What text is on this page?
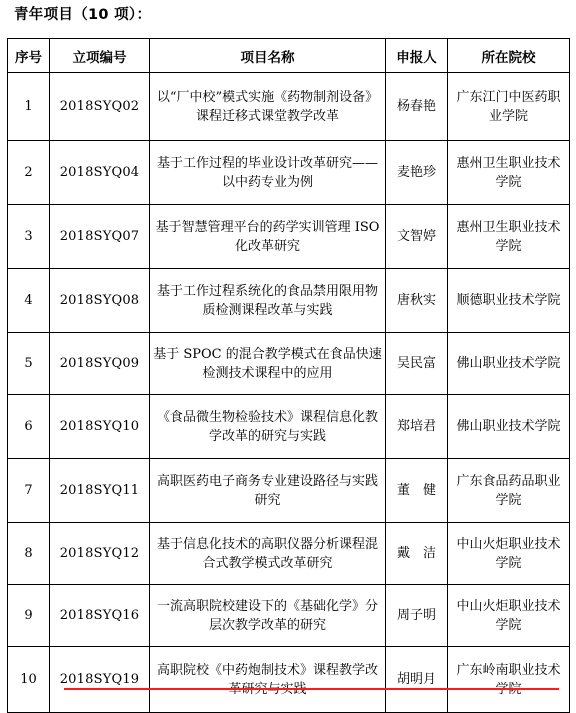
青年项目（10 项）：
序号	立项编号	项目名称	申报人	所在院校
1	2018SYQ02	以“厂中校”模式实施《药物制剂设备》课程迁移式课堂教学改革	杨春艳	广东江门中医药职业学院
2	2018SYQ04	基于工作过程的毕业设计改革研究——以中药专业为例	麦艳珍	惠州卫生职业技术学院
3	2018SYQ07	基于智慧管理平台的药学实训管理 ISO 化改革研究	文智婷	惠州卫生职业技术学院
4	2018SYQ08	基于工作过程系统化的食品禁用限用物质检测课程改革与实践	唐秋实	顺德职业技术学院
5	2018SYQ09	基于 SPOC 的混合教学模式在食品快速检测技术课程中的应用	吴民富	佛山职业技术学院
6	2018SYQ10	《食品微生物检验技术》课程信息化教学改革的研究与实践	郑培君	佛山职业技术学院
7	2018SYQ11	高职医药电子商务专业建设路径与实践研究	董　健	广东食品药品职业学院
8	2018SYQ12	基于信息化技术的高职仪器分析课程混合式教学模式改革研究	戴　洁	中山火炬职业技术学院
9	2018SYQ16	一流高职院校建设下的《基础化学》分层次教学改革的研究	周子明	中山火炬职业技术学院
10	2018SYQ19	高职院校《中药炮制技术》课程教学改	胡明月	广东岭南职业技术
